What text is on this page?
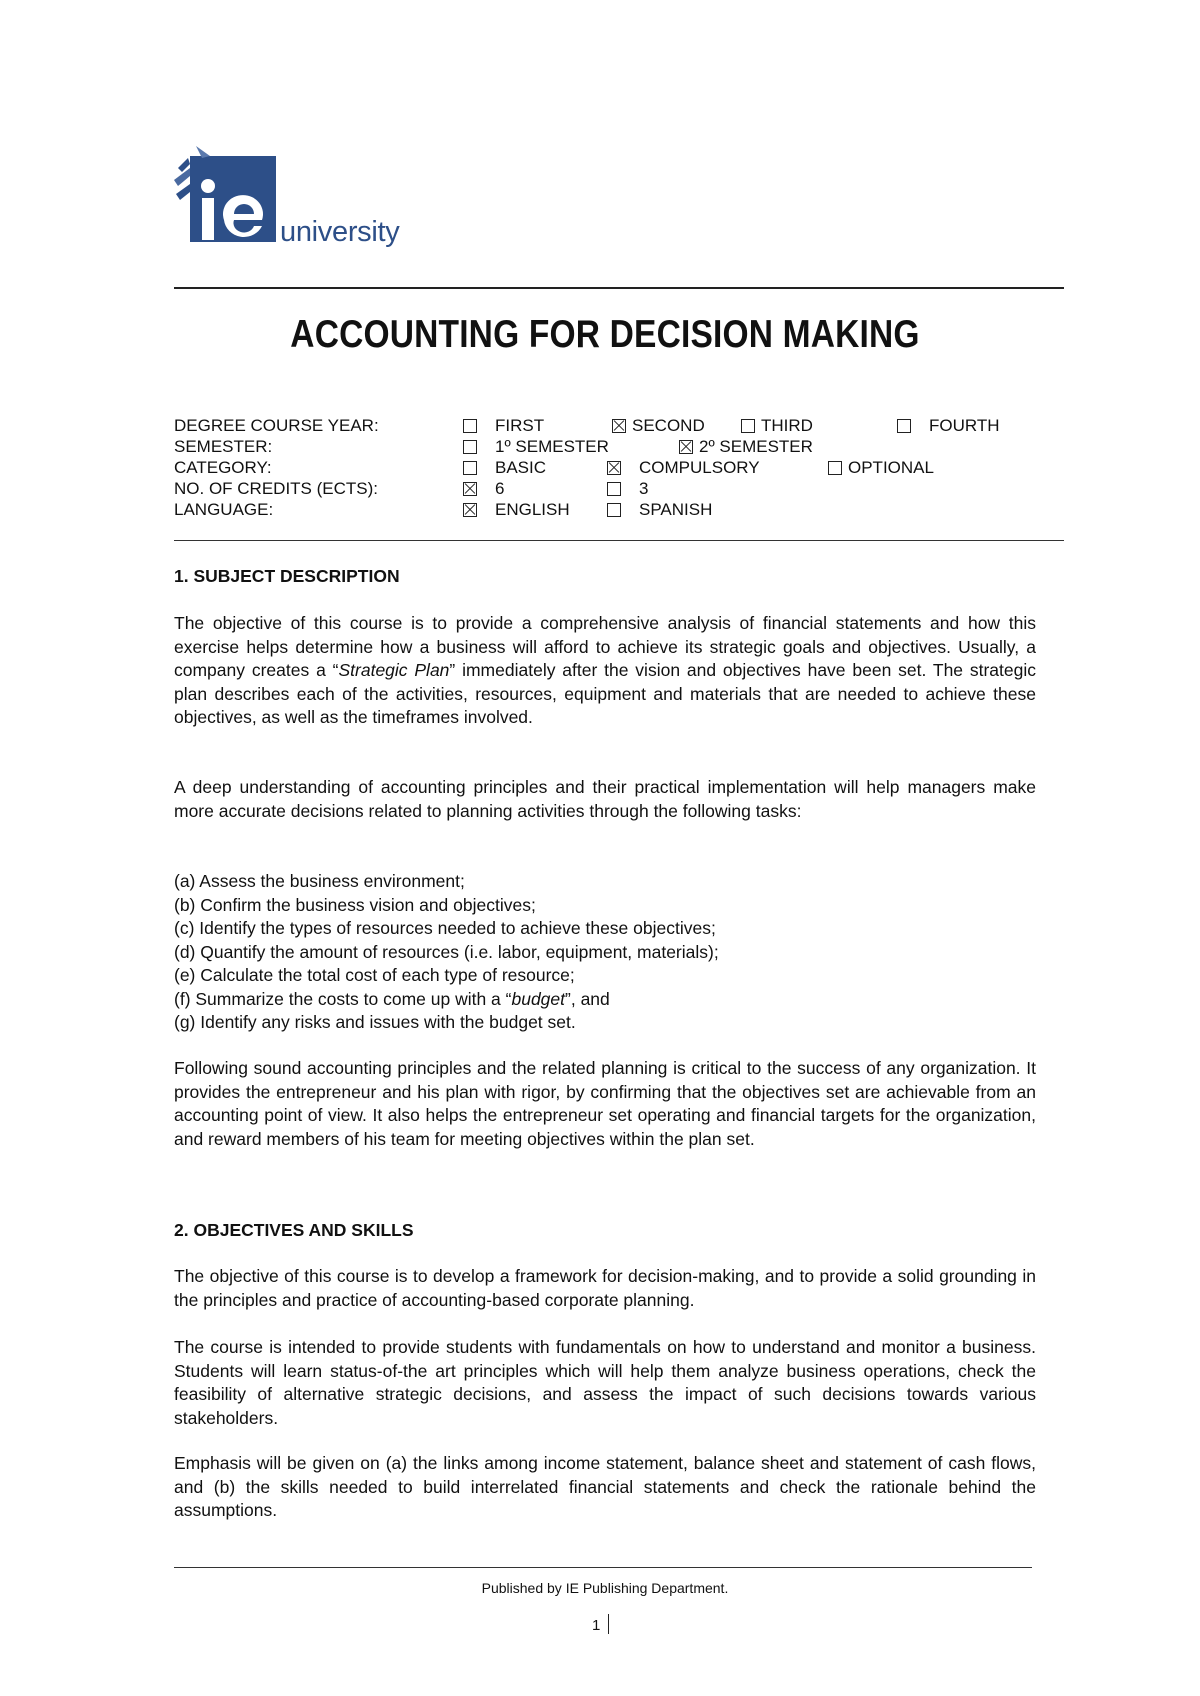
university
ACCOUNTING FOR DECISION MAKING
DEGREE COURSE YEAR:	FIRST	SECOND	THIRD	FOURTH
SEMESTER:	1º SEMESTER	2º SEMESTER
CATEGORY:	BASIC	COMPULSORY	OPTIONAL
NO. OF CREDITS (ECTS):	6	3
LANGUAGE:	ENGLISH	SPANISH
1. SUBJECT DESCRIPTION
The objective of this course is to provide a comprehensive analysis of financial statements and how this exercise helps determine how a business will afford to achieve its strategic goals and objectives. Usually, a company creates a “Strategic Plan” immediately after the vision and objectives have been set. The strategic plan describes each of the activities, resources, equipment and materials that are needed to achieve these objectives, as well as the timeframes involved.
A deep understanding of accounting principles and their practical implementation will help managers make more accurate decisions related to planning activities through the following tasks:
(a) Assess the business environment;
(b) Confirm the business vision and objectives;
(c) Identify the types of resources needed to achieve these objectives;
(d) Quantify the amount of resources (i.e. labor, equipment, materials);
(e) Calculate the total cost of each type of resource;
(f) Summarize the costs to come up with a “budget”, and
(g) Identify any risks and issues with the budget set.
Following sound accounting principles and the related planning is critical to the success of any organization. It provides the entrepreneur and his plan with rigor, by confirming that the objectives set are achievable from an accounting point of view. It also helps the entrepreneur set operating and financial targets for the organization, and reward members of his team for meeting objectives within the plan set.
2. OBJECTIVES AND SKILLS
The objective of this course is to develop a framework for decision-making, and to provide a solid grounding in the principles and practice of accounting-based corporate planning.
The course is intended to provide students with fundamentals on how to understand and monitor a business. Students will learn status-of-the art principles which will help them analyze business operations, check the feasibility of alternative strategic decisions, and assess the impact of such decisions towards various stakeholders.
Emphasis will be given on (a) the links among income statement, balance sheet and statement of cash flows, and (b) the skills needed to build interrelated financial statements and check the rationale behind the assumptions.
Published by IE Publishing Department.
1
